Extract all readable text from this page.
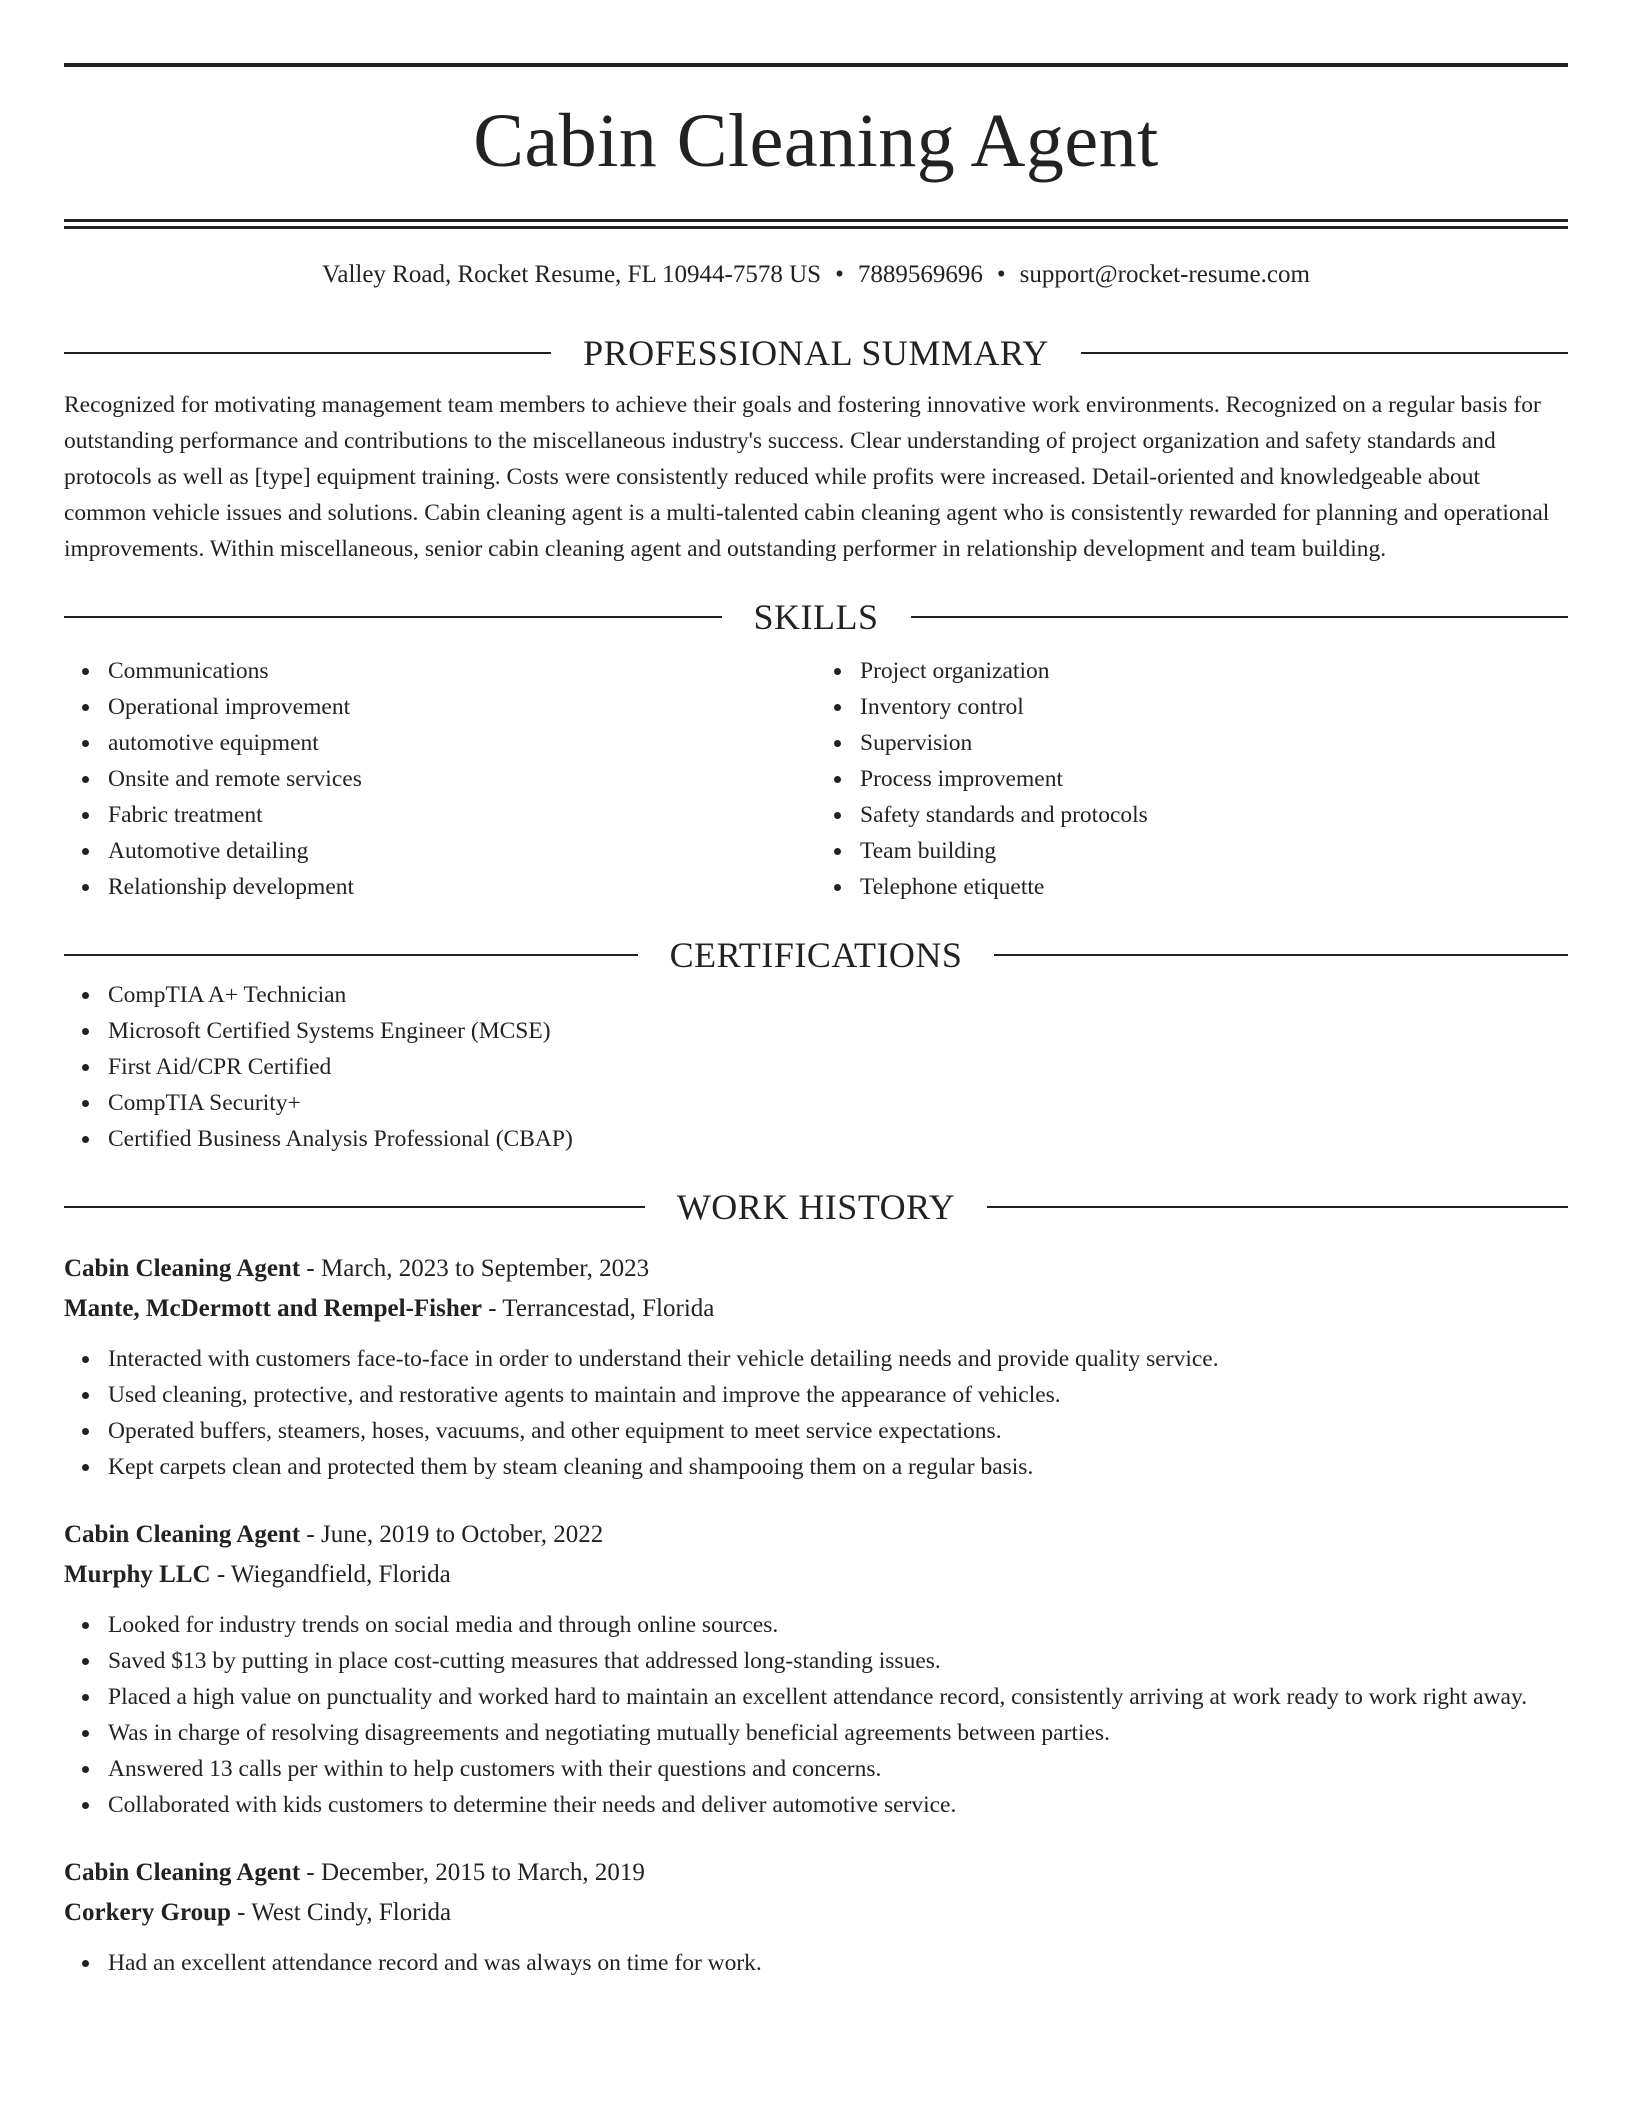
Cabin Cleaning Agent
Valley Road, Rocket Resume, FL 10944-7578 US • 7889569696 • support@rocket-resume.com
PROFESSIONAL SUMMARY
Recognized for motivating management team members to achieve their goals and fostering innovative work environments. Recognized on a regular basis for outstanding performance and contributions to the miscellaneous industry's success. Clear understanding of project organization and safety standards and protocols as well as [type] equipment training. Costs were consistently reduced while profits were increased. Detail-oriented and knowledgeable about common vehicle issues and solutions. Cabin cleaning agent is a multi-talented cabin cleaning agent who is consistently rewarded for planning and operational improvements. Within miscellaneous, senior cabin cleaning agent and outstanding performer in relationship development and team building.
SKILLS
Communications
Operational improvement
automotive equipment
Onsite and remote services
Fabric treatment
Automotive detailing
Relationship development
Project organization
Inventory control
Supervision
Process improvement
Safety standards and protocols
Team building
Telephone etiquette
CERTIFICATIONS
CompTIA A+ Technician
Microsoft Certified Systems Engineer (MCSE)
First Aid/CPR Certified
CompTIA Security+
Certified Business Analysis Professional (CBAP)
WORK HISTORY
Cabin Cleaning Agent - March, 2023 to September, 2023
Mante, McDermott and Rempel-Fisher - Terrancestad, Florida
Interacted with customers face-to-face in order to understand their vehicle detailing needs and provide quality service.
Used cleaning, protective, and restorative agents to maintain and improve the appearance of vehicles.
Operated buffers, steamers, hoses, vacuums, and other equipment to meet service expectations.
Kept carpets clean and protected them by steam cleaning and shampooing them on a regular basis.
Cabin Cleaning Agent - June, 2019 to October, 2022
Murphy LLC - Wiegandfield, Florida
Looked for industry trends on social media and through online sources.
Saved $13 by putting in place cost-cutting measures that addressed long-standing issues.
Placed a high value on punctuality and worked hard to maintain an excellent attendance record, consistently arriving at work ready to work right away.
Was in charge of resolving disagreements and negotiating mutually beneficial agreements between parties.
Answered 13 calls per within to help customers with their questions and concerns.
Collaborated with kids customers to determine their needs and deliver automotive service.
Cabin Cleaning Agent - December, 2015 to March, 2019
Corkery Group - West Cindy, Florida
Had an excellent attendance record and was always on time for work.
